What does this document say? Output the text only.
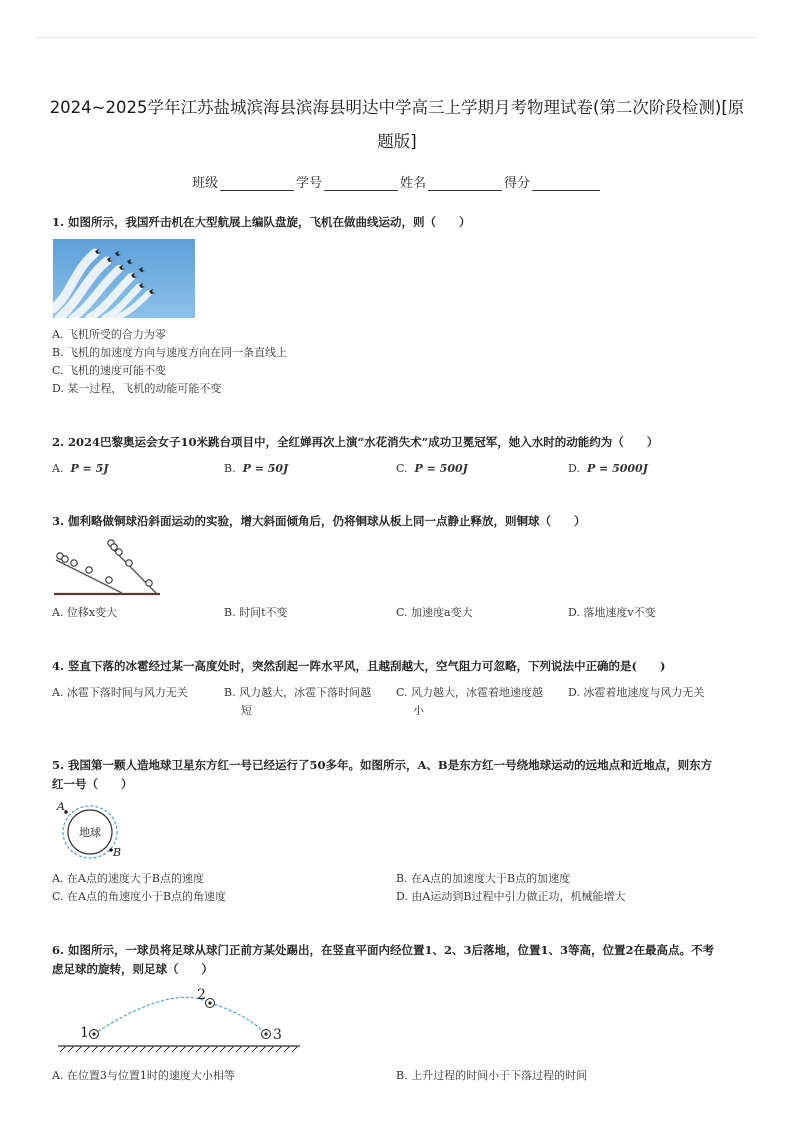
2024~2025学年江苏盐城滨海县滨海县明达中学高三上学期月考物理试卷(第二次阶段检测)[原
题版]
班级	学号	姓名	得分
1. 如图所示，我国歼击机在大型航展上编队盘旋，飞机在做曲线运动，则（　　）
A. 飞机所受的合力为零
B. 飞机的加速度方向与速度方向在同一条直线上
C. 飞机的速度可能不变
D. 某一过程，飞机的动能可能不变
2. 2024巴黎奥运会女子10米跳台项目中，全红婵再次上演“水花消失术”成功卫冕冠军，她入水时的动能约为（　　）
A. P = 5J	B. P = 50J	C. P = 500J	D. P = 5000J
3. 伽利略做铜球沿斜面运动的实验，增大斜面倾角后，仍将铜球从板上同一点静止释放，则铜球（　　）
A. 位移x变大	B. 时间t不变	C. 加速度a变大	D. 落地速度v不变
4. 竖直下落的冰雹经过某一高度处时，突然刮起一阵水平风，且越刮越大，空气阻力可忽略，下列说法中正确的是(　　)
A. 冰雹下落时间与风力无关	B. 风力越大，冰雹下落时间越
短
C. 风力越大，冰雹着地速度越
小
D. 冰雹着地速度与风力无关
5. 我国第一颗人造地球卫星东方红一号已经运行了50多年。如图所示，A、B是东方红一号绕地球运动的远地点和近地点，则东方
红一号（　　）
地球
A
B
A. 在A点的速度大于B点的速度	B. 在A点的加速度大于B点的加速度
C. 在A点的角速度小于B点的角速度	D. 由A运动到B过程中引力做正功，机械能增大
6. 如图所示，一球员将足球从球门正前方某处踢出，在竖直平面内经位置1、2、3后落地，位置1、3等高，位置2在最高点。不考
虑足球的旋转，则足球（　　）
1
2
3
A. 在位置3与位置1时的速度大小相等	B. 上升过程的时间小于下落过程的时间
